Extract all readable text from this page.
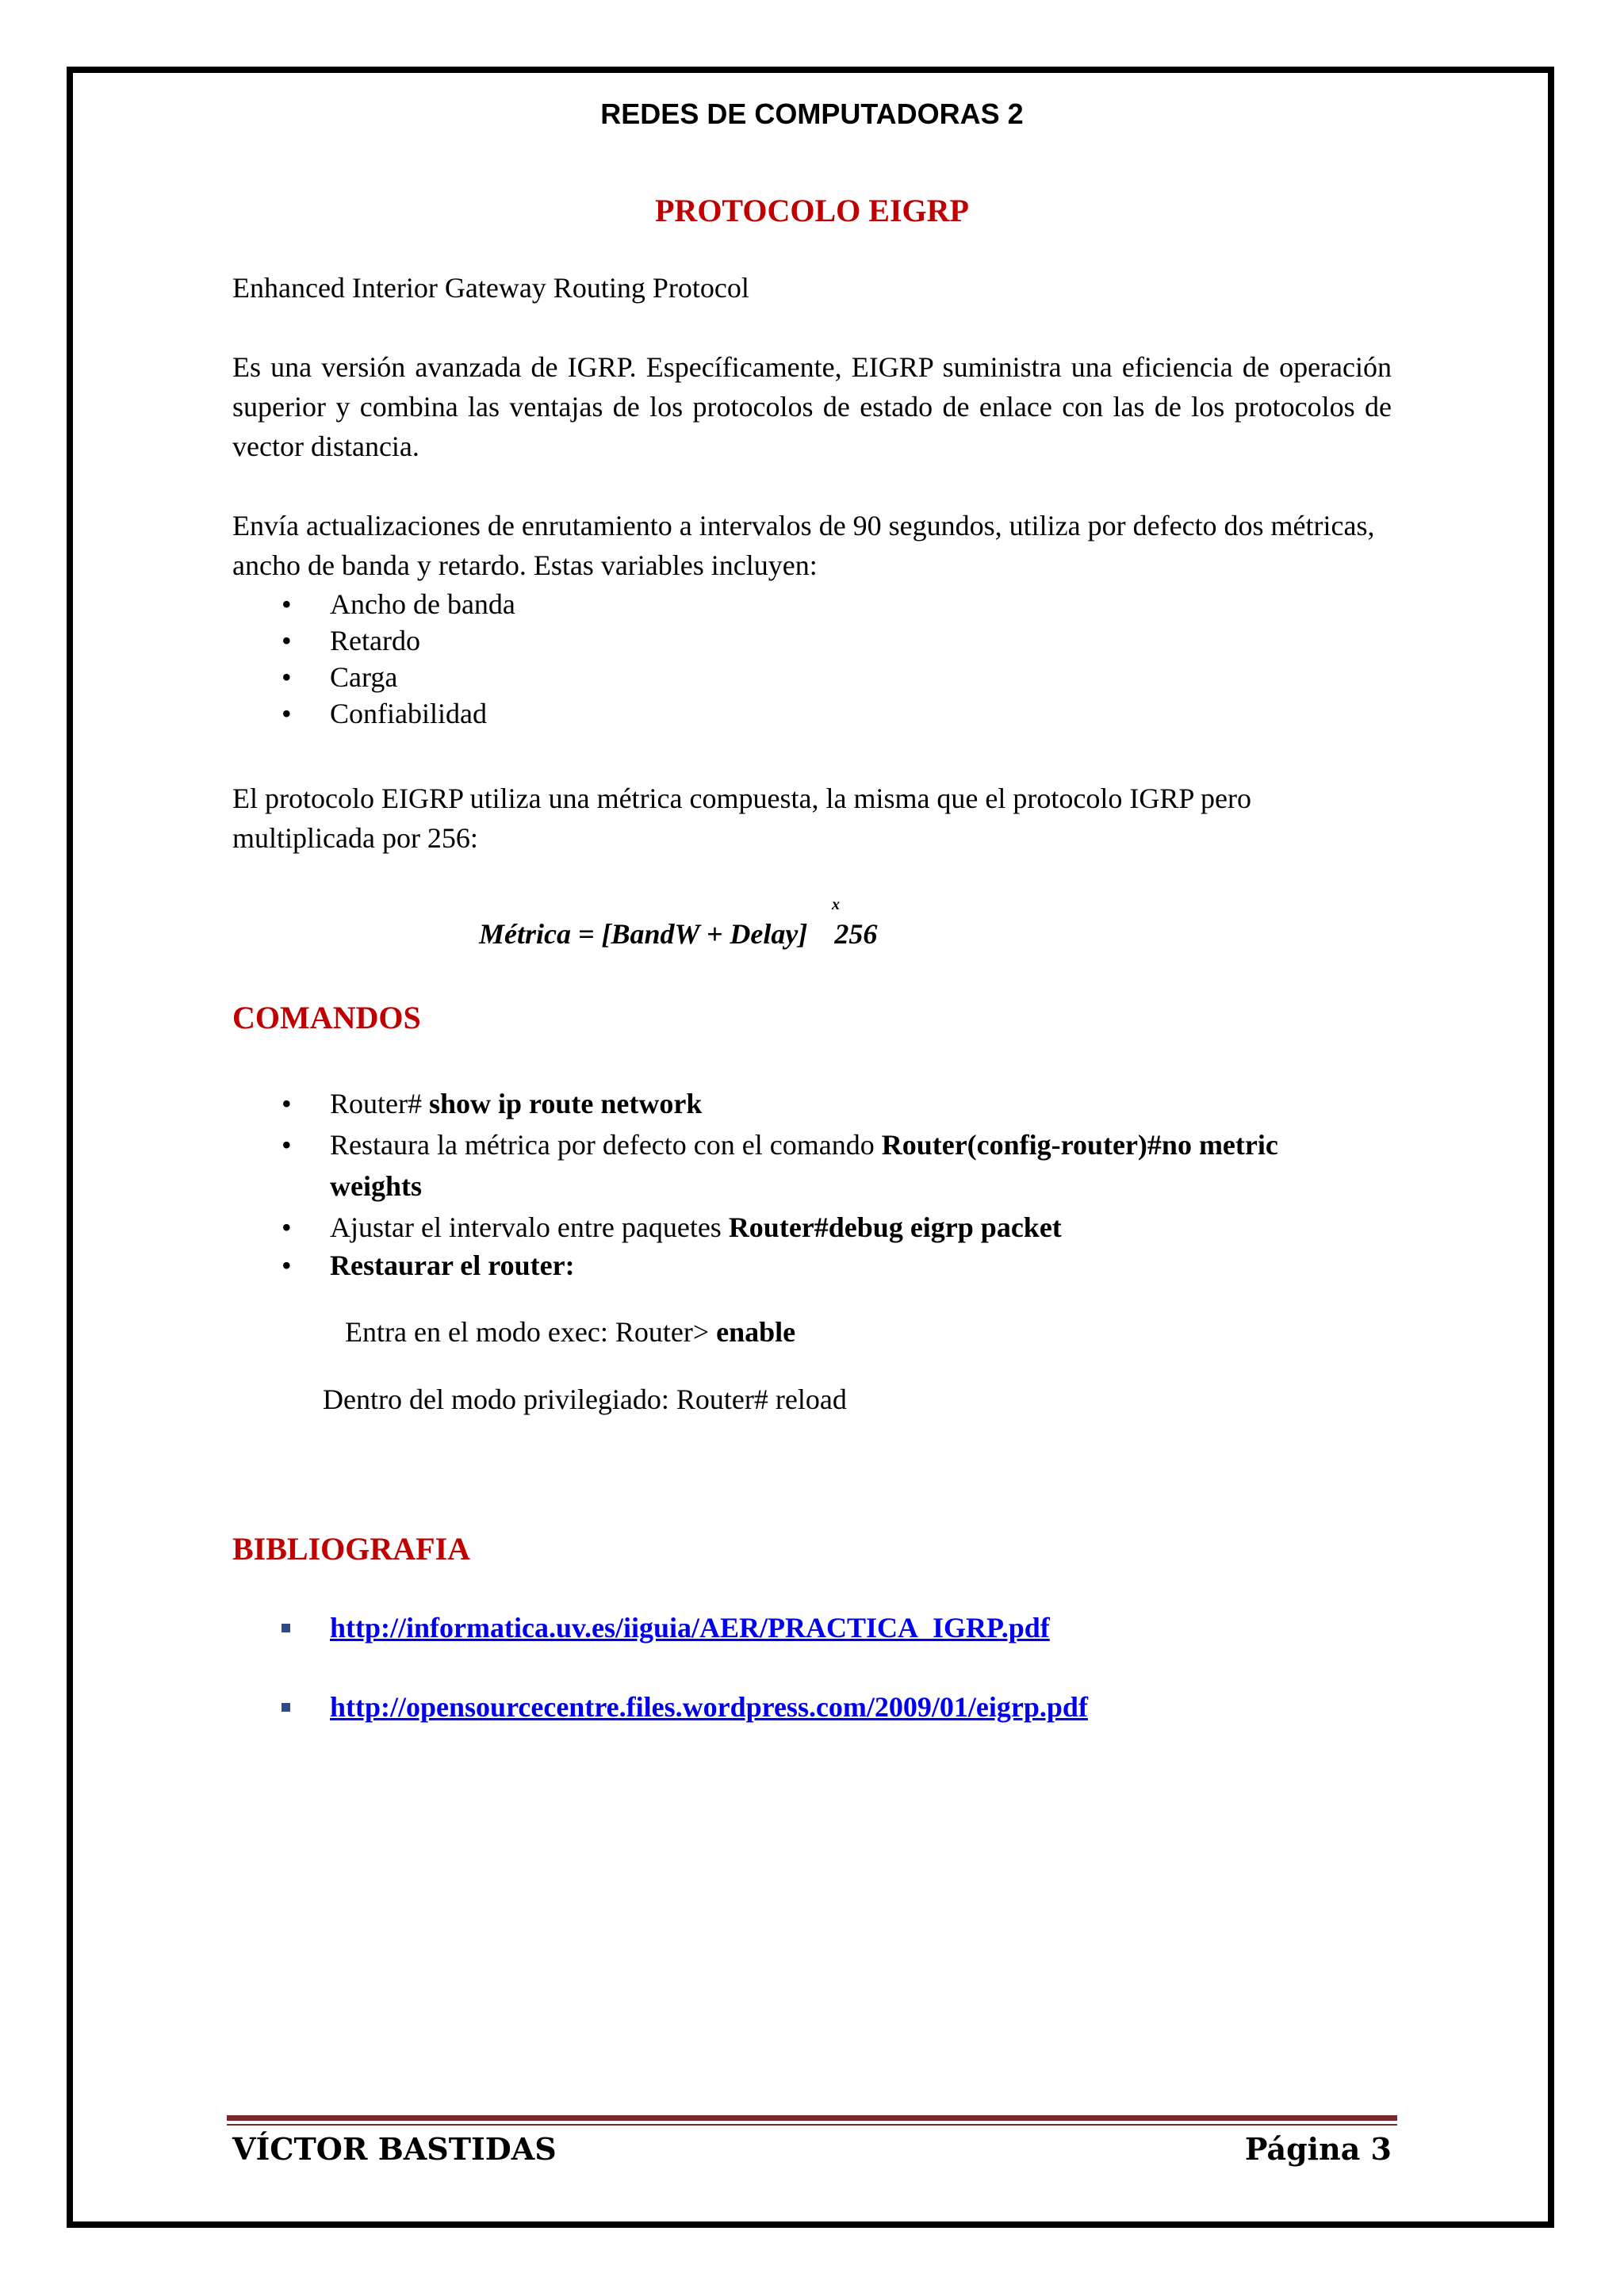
REDES DE COMPUTADORAS 2
PROTOCOLO EIGRP

Enhanced Interior Gateway Routing Protocol

Es una versión avanzada de IGRP. Específicamente, EIGRP suministra una eficiencia de operación superior y combina las ventajas de los protocolos de estado de enlace con las de los protocolos de vector distancia.

Envía actualizaciones de enrutamiento a intervalos de 90 segundos, utiliza por defecto dos métricas, ancho de banda y retardo. Estas variables incluyen:

• Ancho de banda
• Retardo
• Carga
• Confiabilidad

El protocolo EIGRP utiliza una métrica compuesta, la misma que el protocolo IGRP pero multiplicada por 256:

x
Métrica = [BandW + Delay] 256
COMANDOS
• Router# show ip route network
• Restaura la métrica por defecto con el comando Router(config-router)#no metric weights
• Ajustar el intervalo entre paquetes Router#debug eigrp packet
• Restaurar el router:

Entra en el modo exec: Router> enable

Dentro del modo privilegiado: Router# reload

BIBLIOGRAFIA
http://informatica.uv.es/iiguia/AER/PRACTICA_IGRP.pdf
http://opensourcecentre.files.wordpress.com/2009/01/eigrp.pdf
VÍCTOR BASTIDAS	Página 3
